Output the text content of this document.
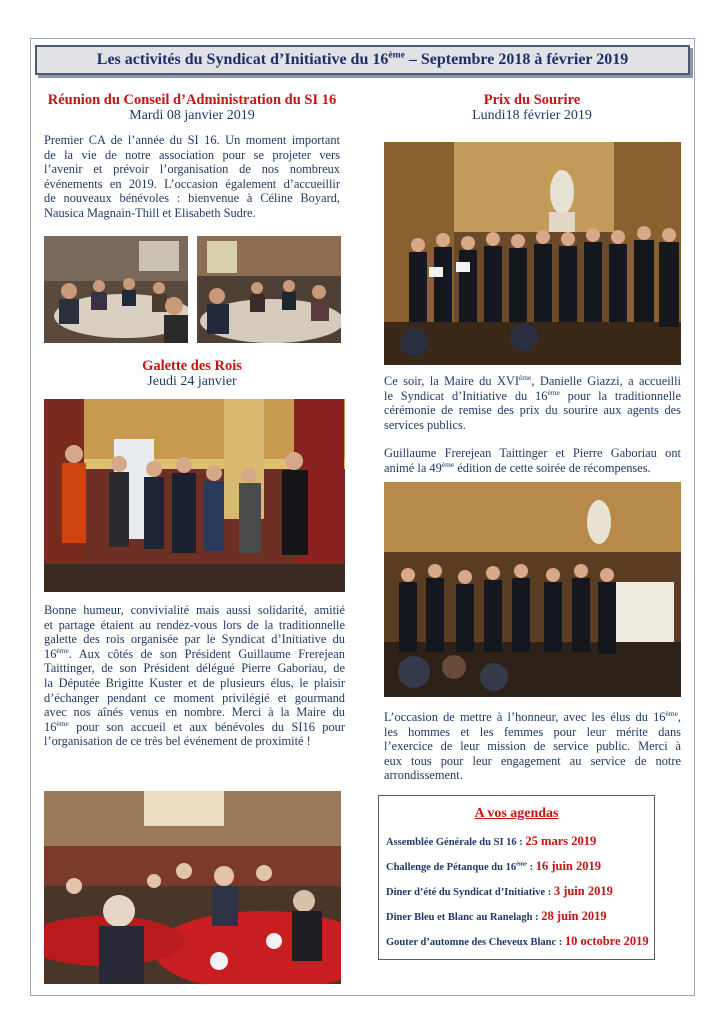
Les activités du Syndicat d’Initiative du 16ème – Septembre 2018 à février 2019
Réunion du Conseil d’Administration du SI 16
Mardi 08 janvier 2019
Premier CA de l’année du SI 16. Un moment important
de la vie de notre association pour se projeter vers
l’avenir et prévoir l’organisation de nos nombreux
événements en 2019. L’occasion également d’accueillir
de nouveaux bénévoles : bienvenue à Céline Boyard,
Nausica Magnain-Thill et Elisabeth Sudre.
Galette des Rois
Jeudi 24 janvier
Bonne humeur, convivialité mais aussi solidarité, amitié
et partage étaient au rendez-vous lors de la traditionnelle
galette des rois organisée par le Syndicat d’Initiative du
16ème. Aux côtés de son Président Guillaume Frerejean
Taittinger, de son Président délégué Pierre Gaboriau, de
la Députée Brigitte Kuster et de plusieurs élus, le plaisir
d’échanger pendant ce moment privilégié et gourmand
avec nos aînés venus en nombre. Merci à la Maire du
16ème pour son accueil et aux bénévoles du SI16 pour
l’organisation de ce très bel événement de proximité !
Prix du Sourire
Lundi18 février 2019
Ce soir, la Maire du XVIème, Danielle Giazzi, a accueilli
le Syndicat d’Initiative du 16ème pour la traditionnelle
cérémonie de remise des prix du sourire aux agents des
services publics.
Guillaume Frerejean Taittinger et Pierre Gaboriau ont
animé la 49ème édition de cette soirée de récompenses.
L’occasion de mettre à l’honneur, avec les élus du 16ème,
les hommes et les femmes pour leur mérite dans
l’exercice de leur mission de service public. Merci à
eux tous pour leur engagement au service de notre
arrondissement.
A vos agendas
Assemblée Générale du SI 16 : 25 mars 2019
Challenge de Pétanque du 16ème : 16 juin 2019
Diner d’été du Syndicat d’Initiative : 3 juin 2019
Diner Bleu et Blanc au Ranelagh : 28 juin 2019
Gouter d’automne des Cheveux Blanc : 10 octobre 2019
